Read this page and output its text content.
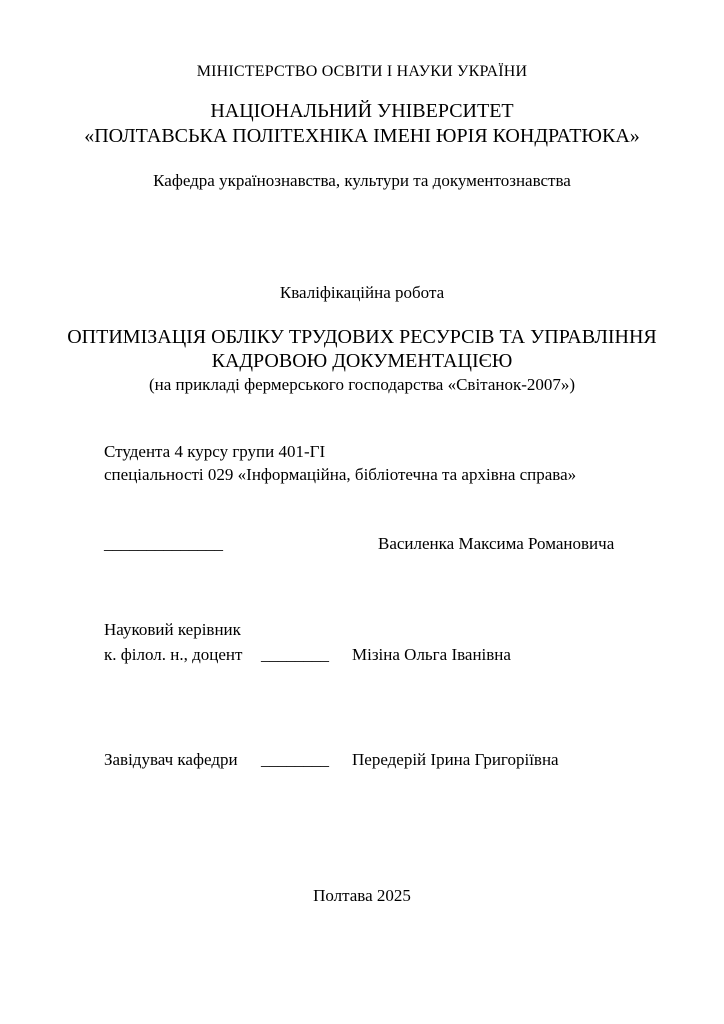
МІНІСТЕРСТВО ОСВІТИ І НАУКИ УКРАЇНИ
НАЦІОНАЛЬНИЙ УНІВЕРСИТЕТ
«ПОЛТАВСЬКА ПОЛІТЕХНІКА ІМЕНІ ЮРІЯ КОНДРАТЮКА»
Кафедра українознавства, культури та документознавства
Кваліфікаційна робота
ОПТИМІЗАЦІЯ ОБЛІКУ ТРУДОВИХ РЕСУРСІВ ТА УПРАВЛІННЯ
КАДРОВОЮ ДОКУМЕНТАЦІЄЮ
(на прикладі фермерського господарства «Світанок-2007»)
Студента 4 курсу групи 401-ГІ
спеціальності 029 «Інформаційна, бібліотечна та архівна справа»
______________	Василенка Максима Романовича
Науковий керівник
к. філол. н., доцент ________ Мізіна Ольга Іванівна
Завідувач кафедри ________ Передерій Ірина Григоріївна
Полтава 2025
